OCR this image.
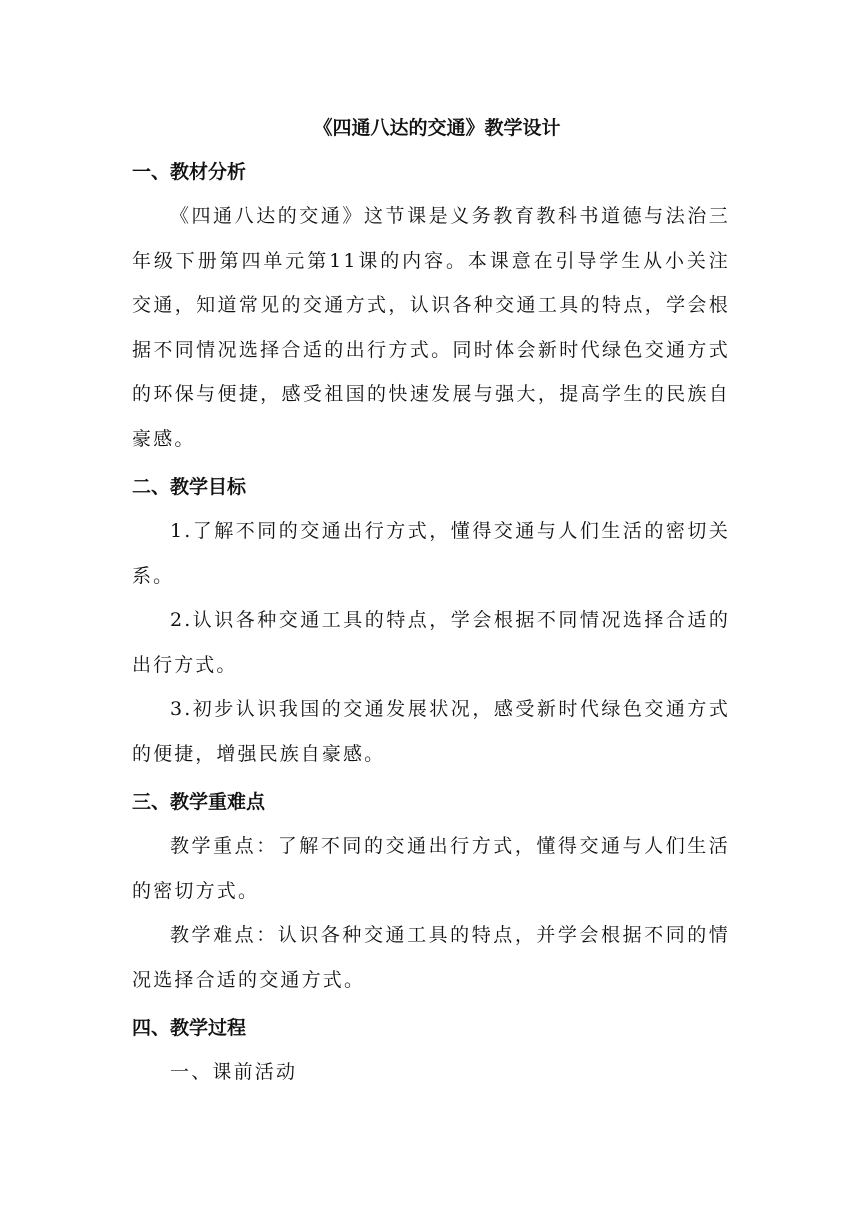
《四通八达的交通》教学设计
一、教材分析

《四通八达的交通》这节课是义务教育教科书道德与法治三年级下册第四单元第11课的内容。本课意在引导学生从小关注交通，知道常见的交通方式，认识各种交通工具的特点，学会根据不同情况选择合适的出行方式。同时体会新时代绿色交通方式的环保与便捷，感受祖国的快速发展与强大，提高学生的民族自豪感。

二、教学目标

1.了解不同的交通出行方式，懂得交通与人们生活的密切关系。

2.认识各种交通工具的特点，学会根据不同情况选择合适的出行方式。

3.初步认识我国的交通发展状况，感受新时代绿色交通方式的便捷，增强民族自豪感。

三、教学重难点

教学重点：了解不同的交通出行方式，懂得交通与人们生活的密切方式。

教学难点：认识各种交通工具的特点，并学会根据不同的情况选择合适的交通方式。

四、教学过程

一、课前活动
